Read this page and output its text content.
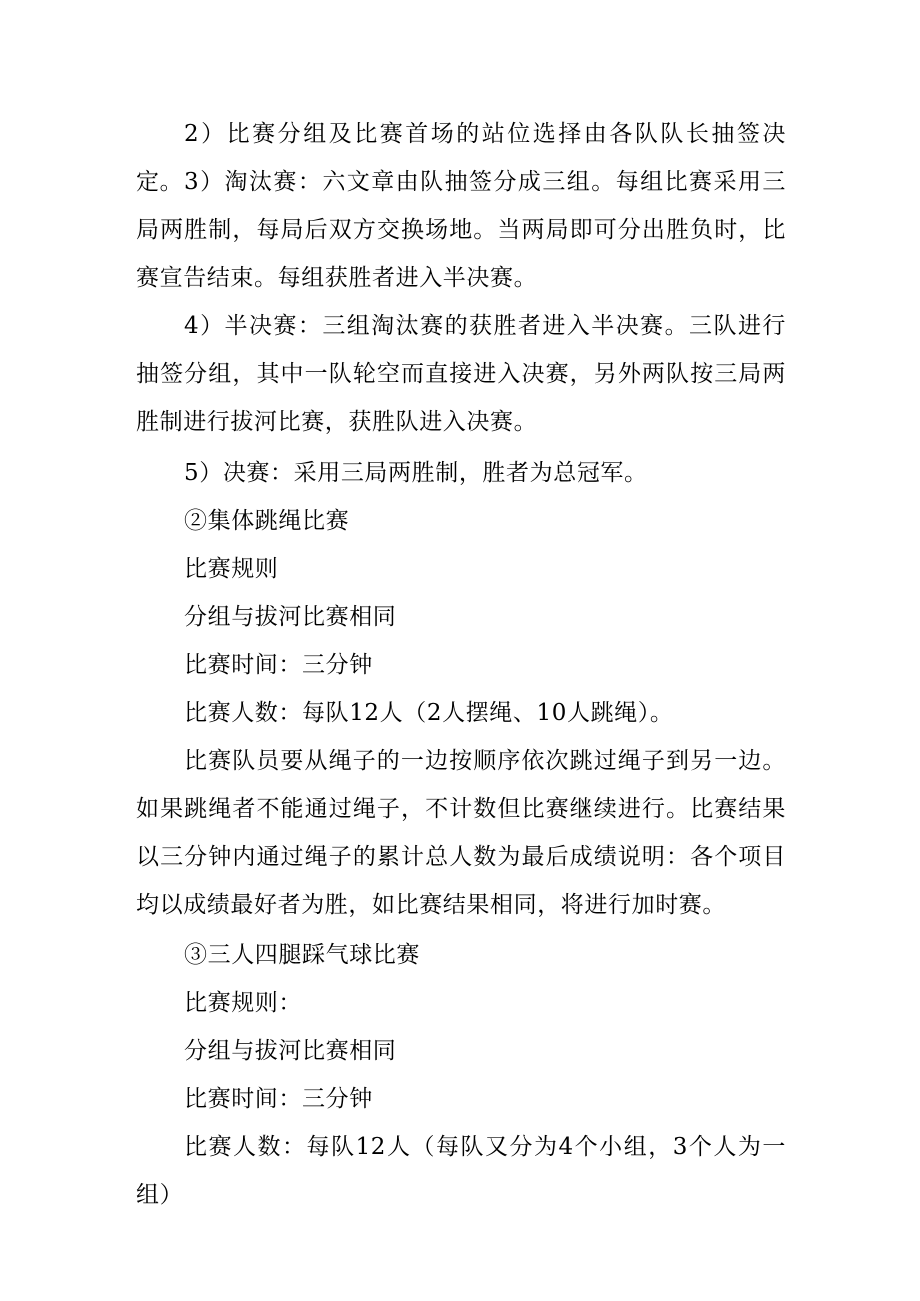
2）比赛分组及比赛首场的站位选择由各队队长抽签决定。 3）淘汰赛：六文章由队抽签分成三组。每组比赛采用三局两胜制，每局后双方交换场地。当两局即可分出胜负时，比赛宣告结束。每组获胜者进入半决赛。

4）半决赛：三组淘汰赛的获胜者进入半决赛。三队进行抽签分组，其中一队轮空而直接进入决赛，另外两队按三局两胜制进行拔河比赛，获胜队进入决赛。

5）决赛：采用三局两胜制，胜者为总冠军。

②集体跳绳比赛

比赛规则

分组与拔河比赛相同

比赛时间：三分钟

比赛人数：每队12人（2人摆绳、10人跳绳）。

比赛队员要从绳子的一边按顺序依次跳过绳子到另一边。如果跳绳者不能通过绳子，不计数但比赛继续进行。比赛结果以三分钟内通过绳子的累计总人数为最后成绩说明：各个项目均以成绩最好者为胜，如比赛结果相同，将进行加时赛。

③三人四腿踩气球比赛

比赛规则：

分组与拔河比赛相同

比赛时间：三分钟

比赛人数：每队12人（每队又分为4个小组，3个人为一组）
